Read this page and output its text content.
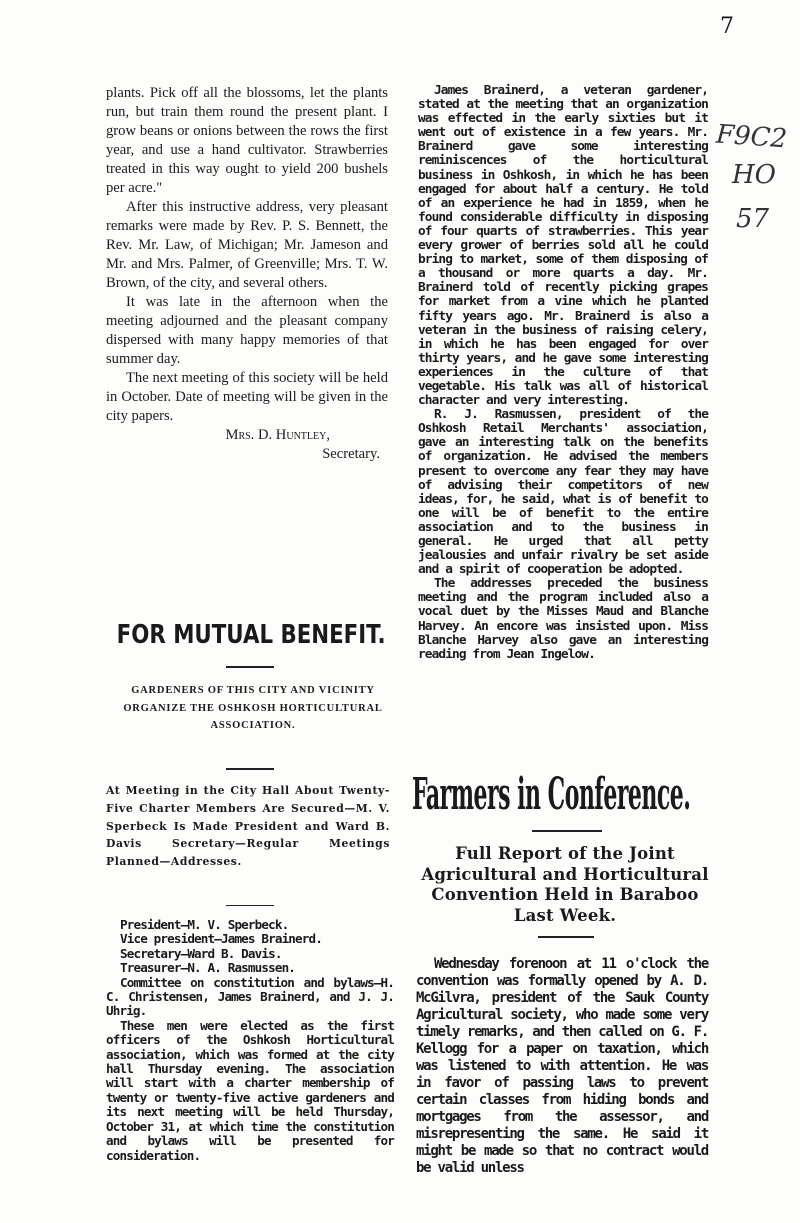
7
F9C2
HO
57

plants. Pick off all the blossoms, let the plants run, but train them round the present plant. I grow beans or onions between the rows the first year, and use a hand cultivator. Strawberries treated in this way ought to yield 200 bushels per acre."

After this instructive address, very pleasant remarks were made by Rev. P. S. Bennett, the Rev. Mr. Law, of Michigan; Mr. Jameson and Mr. and Mrs. Palmer, of Greenville; Mrs. T. W. Brown, of the city, and several others.

It was late in the afternoon when the meeting adjourned and the pleasant company dispersed with many happy memories of that summer day.

The next meeting of this society will be held in October. Date of meeting will be given in the city papers.

Mrs. D. Huntley,
Secretary.

James Brainerd, a veteran gardener, stated at the meeting that an organization was effected in the early sixties but it went out of existence in a few years. Mr. Brainerd gave some interesting reminiscences of the horticultural business in Oshkosh, in which he has been engaged for about half a century. He told of an experience he had in 1859, when he found considerable difficulty in disposing of four quarts of strawberries. This year every grower of berries sold all he could bring to market, some of them disposing of a thousand or more quarts a day. Mr. Brainerd told of recently picking grapes for market from a vine which he planted fifty years ago. Mr. Brainerd is also a veteran in the business of raising celery, in which he has been engaged for over thirty years, and he gave some interesting experiences in the culture of that vegetable. His talk was all of historical character and very interesting.

R. J. Rasmussen, president of the Oshkosh Retail Merchants' association, gave an interesting talk on the benefits of organization. He advised the members present to overcome any fear they may have of advising their competitors of new ideas, for, he said, what is of benefit to one will be of benefit to the entire association and to the business in general. He urged that all petty jealousies and unfair rivalry be set aside and a spirit of cooperation be adopted.

The addresses preceded the business meeting and the program included also a vocal duet by the Misses Maud and Blanche Harvey. An encore was insisted upon. Miss Blanche Harvey also gave an interesting reading from Jean Ingelow.

FOR MUTUAL BENEFIT.
GARDENERS OF THIS CITY AND VICINITY ORGANIZE THE OSHKOSH HORTICULTURAL ASSOCIATION.
At Meeting in the City Hall About Twenty-Five Charter Members Are Secured—M. V. Sperbeck Is Made President and Ward B. Davis Secretary—Regular Meetings Planned—Addresses.
President—M. V. Sperbeck.
Vice president—James Brainerd.
Secretary—Ward B. Davis.
Treasurer—N. A. Rasmussen.

Committee on constitution and bylaws—H. C. Christensen, James Brainerd, and J. J. Uhrig.

These men were elected as the first officers of the Oshkosh Horticultural association, which was formed at the city hall Thursday evening. The association will start with a charter membership of twenty or twenty-five active gardeners and its next meeting will be held Thursday, October 31, at which time the constitution and bylaws will be presented for consideration.

Farmers in Conference.
Full Report of the Joint Agricultural and Horticultural Convention Held in Baraboo Last Week.

Wednesday forenoon at 11 o'clock the convention was formally opened by A. D. McGilvra, president of the Sauk County Agricultural society, who made some very timely remarks, and then called on G. F. Kellogg for a paper on taxation, which was listened to with attention. He was in favor of passing laws to prevent certain classes from hiding bonds and mortgages from the assessor, and misrepresenting the same. He said it might be made so that no contract would be valid unless
